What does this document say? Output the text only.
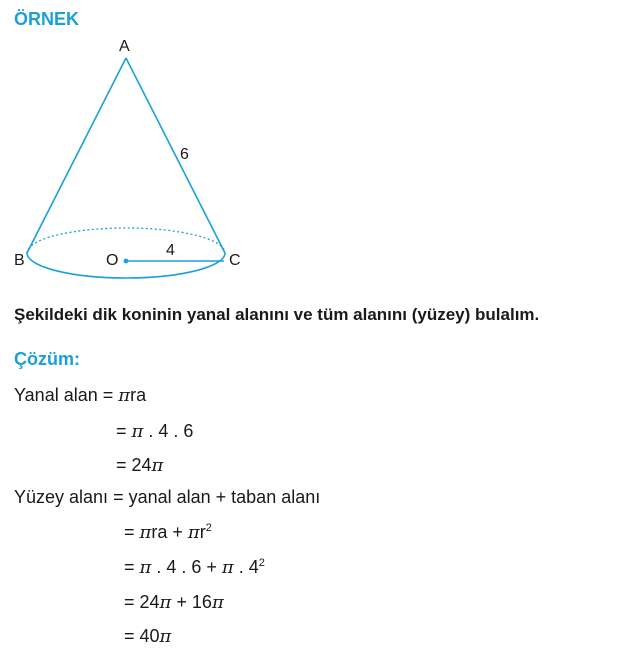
ÖRNEK
A
6
B	O
4
C
Şekildeki dik koninin yanal alanını ve tüm alanını (yüzey) bulalım.
Çözüm:
Yanal alan = πra
= π . 4 . 6
= 24π
Yüzey alanı = yanal alan + taban alanı
= $\pi ra + \pi r^2$
= π . 4 . 6 + π . $4^2$
= 24π + 16π
= 40π
